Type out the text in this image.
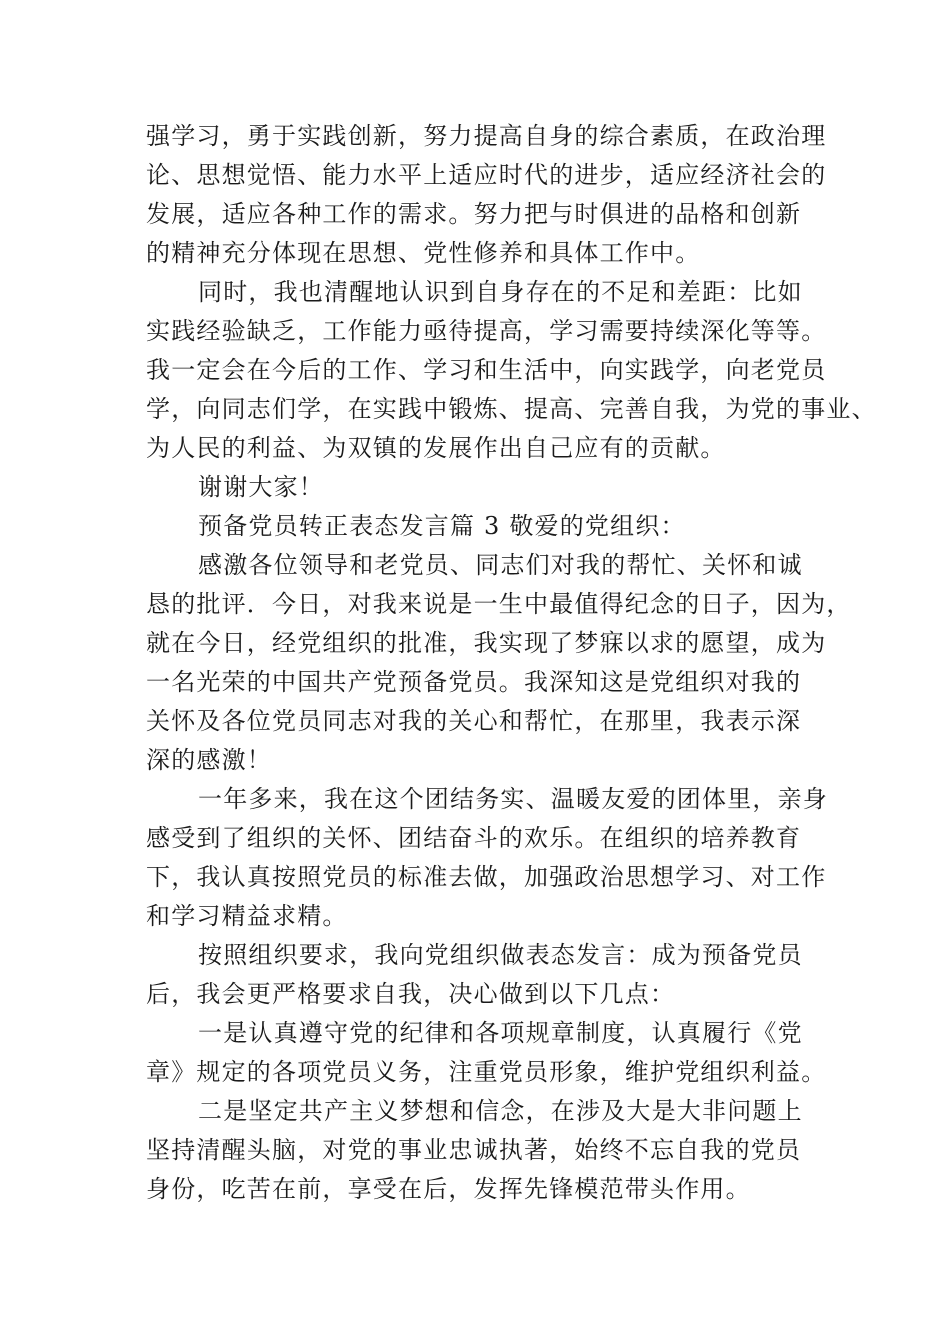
强学习，勇于实践创新，努力提高自身的综合素质，在政治理
论、思想觉悟、能力水平上适应时代的进步，适应经济社会的
发展，适应各种工作的需求。努力把与时俱进的品格和创新
的精神充分体现在思想、党性修养和具体工作中。
同时，我也清醒地认识到自身存在的不足和差距：比如
实践经验缺乏，工作能力亟待提高，学习需要持续深化等等。
我一定会在今后的工作、学习和生活中，向实践学，向老党员
学，向同志们学，在实践中锻炼、提高、完善自我，为党的事业、
为人民的利益、为双镇的发展作出自己应有的贡献。
谢谢大家！
预备党员转正表态发言篇 3 敬爱的党组织：
感激各位领导和老党员、同志们对我的帮忙、关怀和诚
恳的批评．今日，对我来说是一生中最值得纪念的日子，因为，
就在今日，经党组织的批准，我实现了梦寐以求的愿望，成为
一名光荣的中国共产党预备党员。我深知这是党组织对我的
关怀及各位党员同志对我的关心和帮忙，在那里，我表示深
深的感激！
一年多来，我在这个团结务实、温暖友爱的团体里，亲身
感受到了组织的关怀、团结奋斗的欢乐。在组织的培养教育
下，我认真按照党员的标准去做，加强政治思想学习、对工作
和学习精益求精。
按照组织要求，我向党组织做表态发言：成为预备党员
后，我会更严格要求自我，决心做到以下几点：
一是认真遵守党的纪律和各项规章制度，认真履行《党
章》规定的各项党员义务，注重党员形象，维护党组织利益。
二是坚定共产主义梦想和信念，在涉及大是大非问题上
坚持清醒头脑，对党的事业忠诚执著，始终不忘自我的党员
身份，吃苦在前，享受在后，发挥先锋模范带头作用。
